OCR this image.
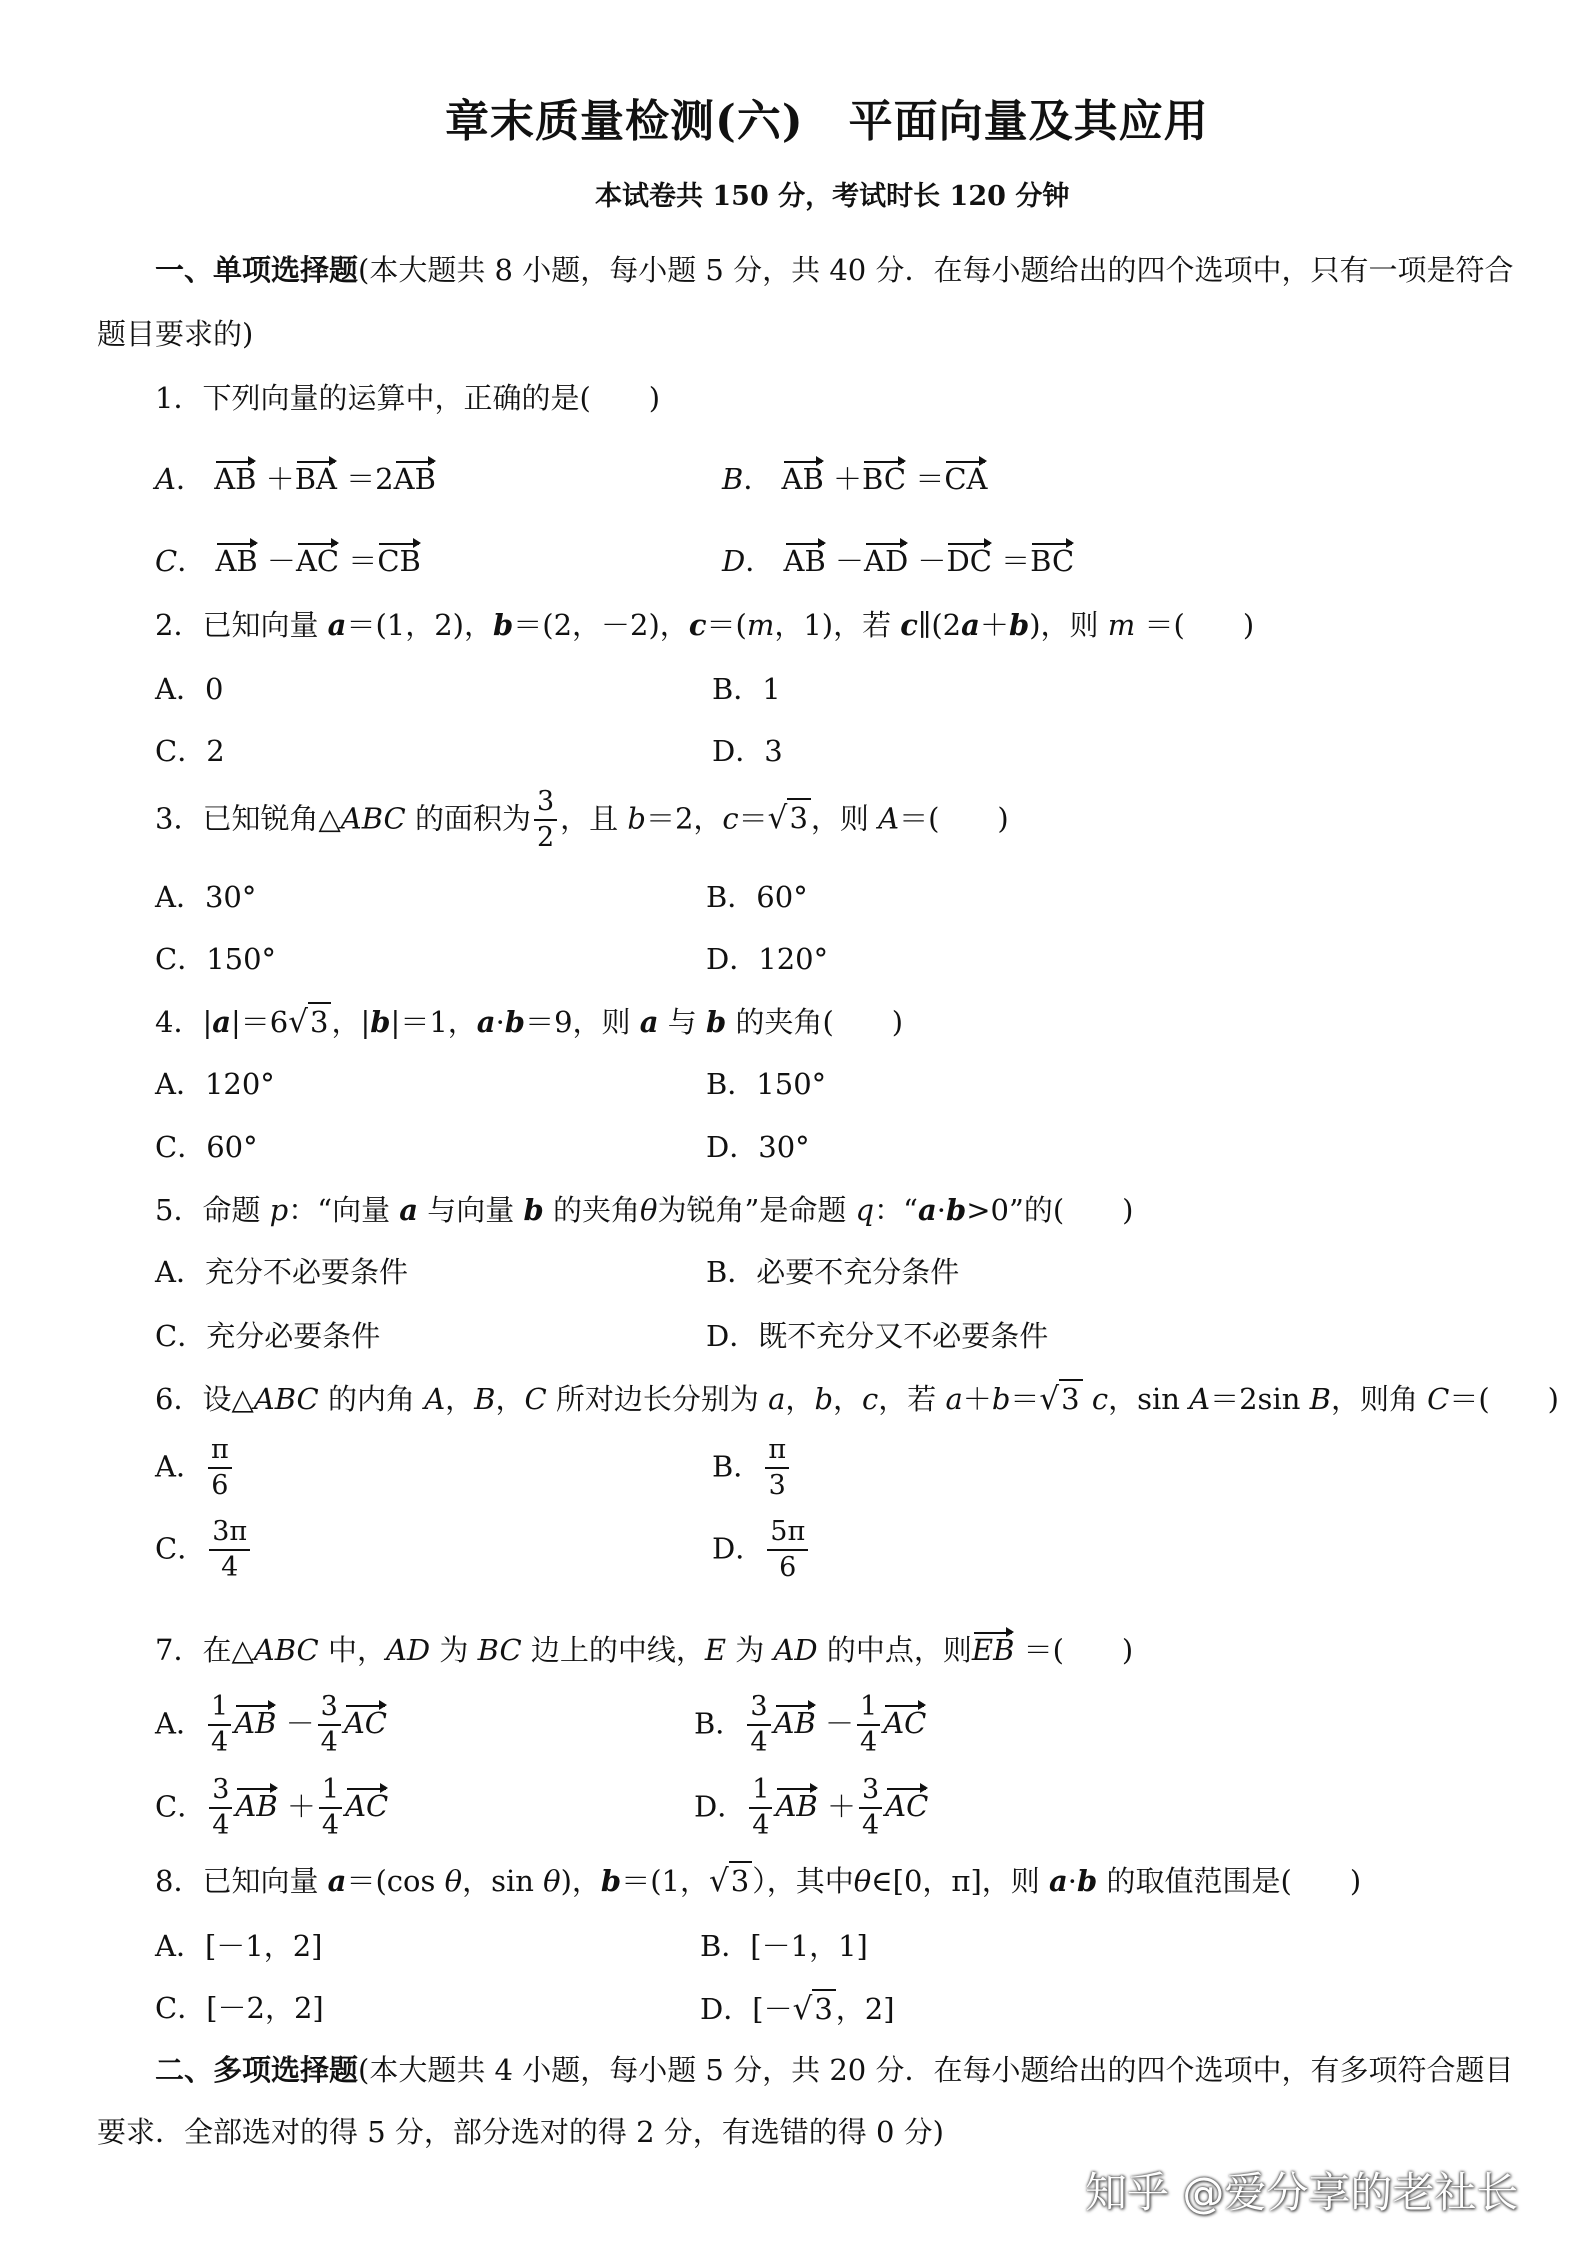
章末质量检测(六)　平面向量及其应用
本试卷共 150 分，考试时长 120 分钟
一、单项选择题(本大题共 8 小题，每小题 5 分，共 40 分．在每小题给出的四个选项中，只有一项是符合
题目要求的)
1．下列向量的运算中，正确的是(　　)
A． AB ＋BA ＝2AB	B． AB ＋BC ＝CA
C． AB －AC ＝CB	D． AB －AD －DC ＝BC
2．已知向量 a＝(1，2)，b＝(2，－2)，c＝(m，1)，若 c∥(2a＋b)，则 m ＝(　　)
A．0	B．1
C．2	D．3
3．已知锐角△ABC 的面积为 $\frac{3}{2}$ ，且 b＝2，c＝√3 ，则 A＝(　　)
A．30°	B．60°
C．150°	D．120°
4．|a|＝6√3 ，|b|＝1，a·b＝9，则 a 与 b 的夹角(　　)
A．120°	B．150°
C．60°	D．30°
5．命题 p：“向量 a 与向量 b 的夹角θ为锐角”是命题 q：“a·b>0”的(　　)
A．充分不必要条件	B．必要不充分条件
C．充分必要条件	D．既不充分又不必要条件
6．设△ABC 的内角 A，B，C 所对边长分别为 a，b，c，若 a＋b＝√3 c，sin A＝2sin B，则角 C＝(　　)
A． $\frac{\pi}{6}$	B． $\frac{\pi}{3}$
C． $\frac{3\pi}{4}$	D． $\frac{5\pi}{6}$
7．在△ABC 中，AD 为 BC 边上的中线，E 为 AD 的中点，则EB ＝(　　)
A． $\frac{1}{4}$ AB － $\frac{3}{4}$ AC	B． $\frac{3}{4}$ AB － $\frac{1}{4}$ AC
C． $\frac{3}{4}$ AB ＋ $\frac{1}{4}$ AC	D． $\frac{1}{4}$ AB ＋ $\frac{3}{4}$ AC
8．已知向量 a＝(cos θ，sin θ)，b＝(1，√3 ），其中θ∈[0，π]，则 a·b 的取值范围是(　　)
A．[－1，2]	B．[－1，1]
C．[－2，2]	D．[－√3 ，2]
二、多项选择题(本大题共 4 小题，每小题 5 分，共 20 分．在每小题给出的四个选项中，有多项符合题目
要求．全部选对的得 5 分，部分选对的得 2 分，有选错的得 0 分)
知乎 @爱分享的老社长
